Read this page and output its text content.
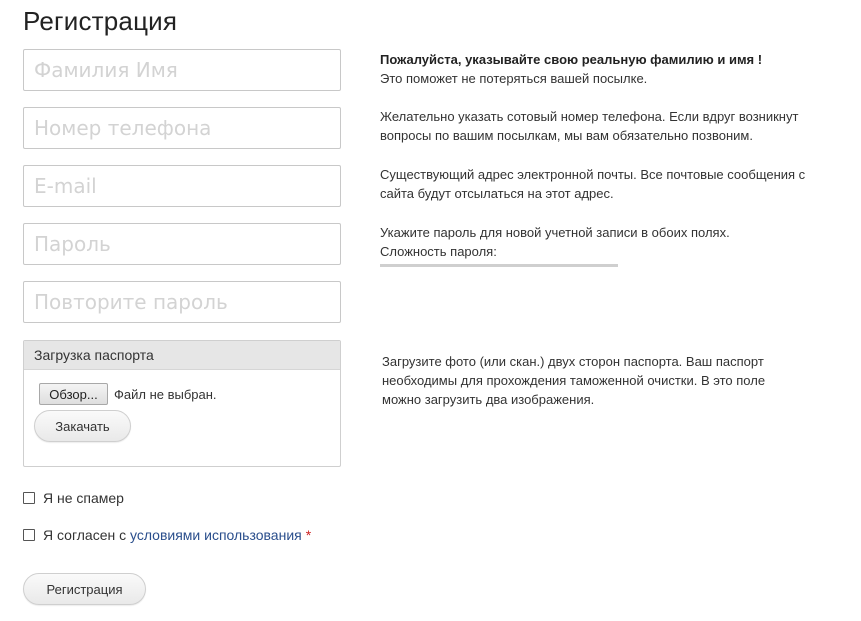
Регистрация
Фамилия Имя
Номер телефона
E-mail
Пожалуйста, указывайте свою реальную фамилию и имя !
Это поможет не потеряться вашей посылке.
Желательно указать сотовый номер телефона. Если вдруг возникнут вопросы по вашим посылкам, мы вам обязательно позвоним.
Существующий адрес электронной почты. Все почтовые сообщения с сайта будут отсылаться на этот адрес.
Укажите пароль для новой учетной записи в обоих полях.
Сложность пароля:
Загрузка паспорта
Обзор...	Файл не выбран.
Закачать
Загрузите фото (или скан.) двух сторон паспорта. Ваш паспорт необходимы для прохождения таможенной очистки. В это поле можно загрузить два изображения.
Я не спамер
Я согласен с
условиями использования *
Регистрация
